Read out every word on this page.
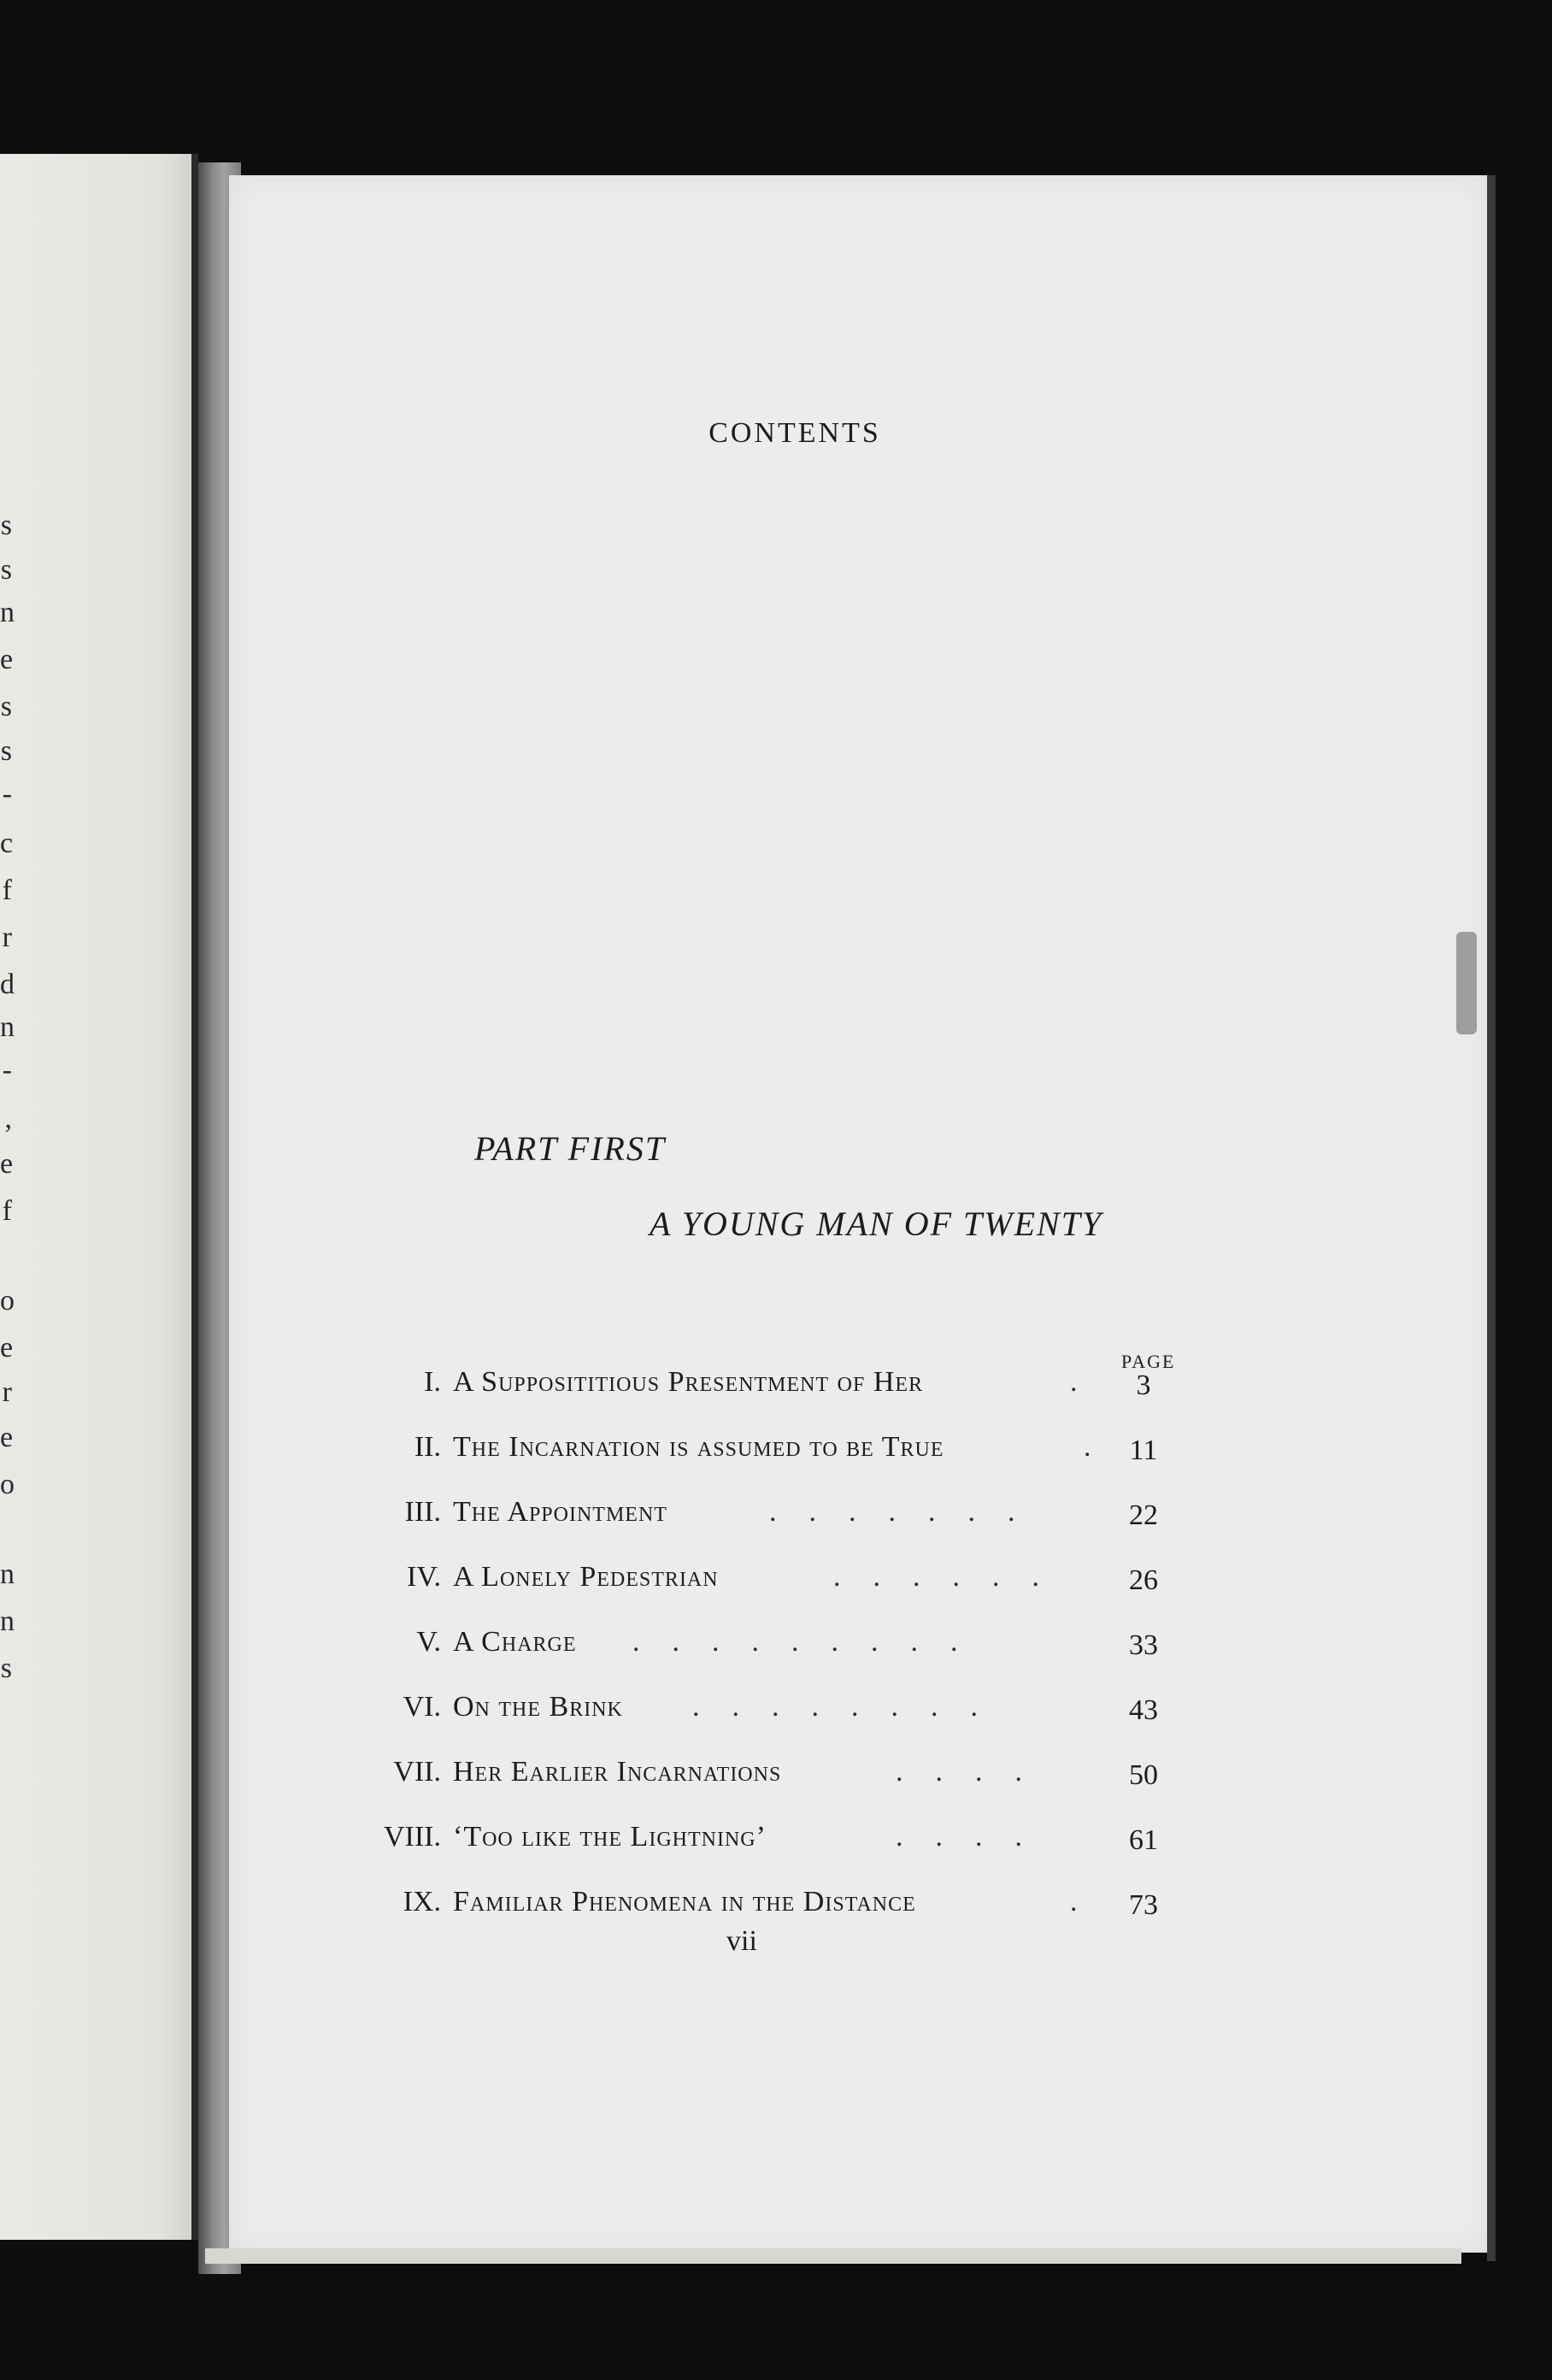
s
s
n
e
s
s
-
c
f
r
d
n
-
,
e
f
o
e
r
e
o
n
n
s
CONTENTS
PART FIRST
A YOUNG MAN OF TWENTY
PAGE
I. A Supposititious Presentment of Her	. 3
II. The Incarnation is assumed to be True	. 11
III. The Appointment	.......	22
IV. A Lonely Pedestrian	......	26
V. A Charge .........	33
VI. On the Brink ........	43
VII. Her Earlier Incarnations	....	50
VIII. ‘Too like the Lightning’	....	61
IX. Familiar Phenomena in the Distance	. 73
vii
